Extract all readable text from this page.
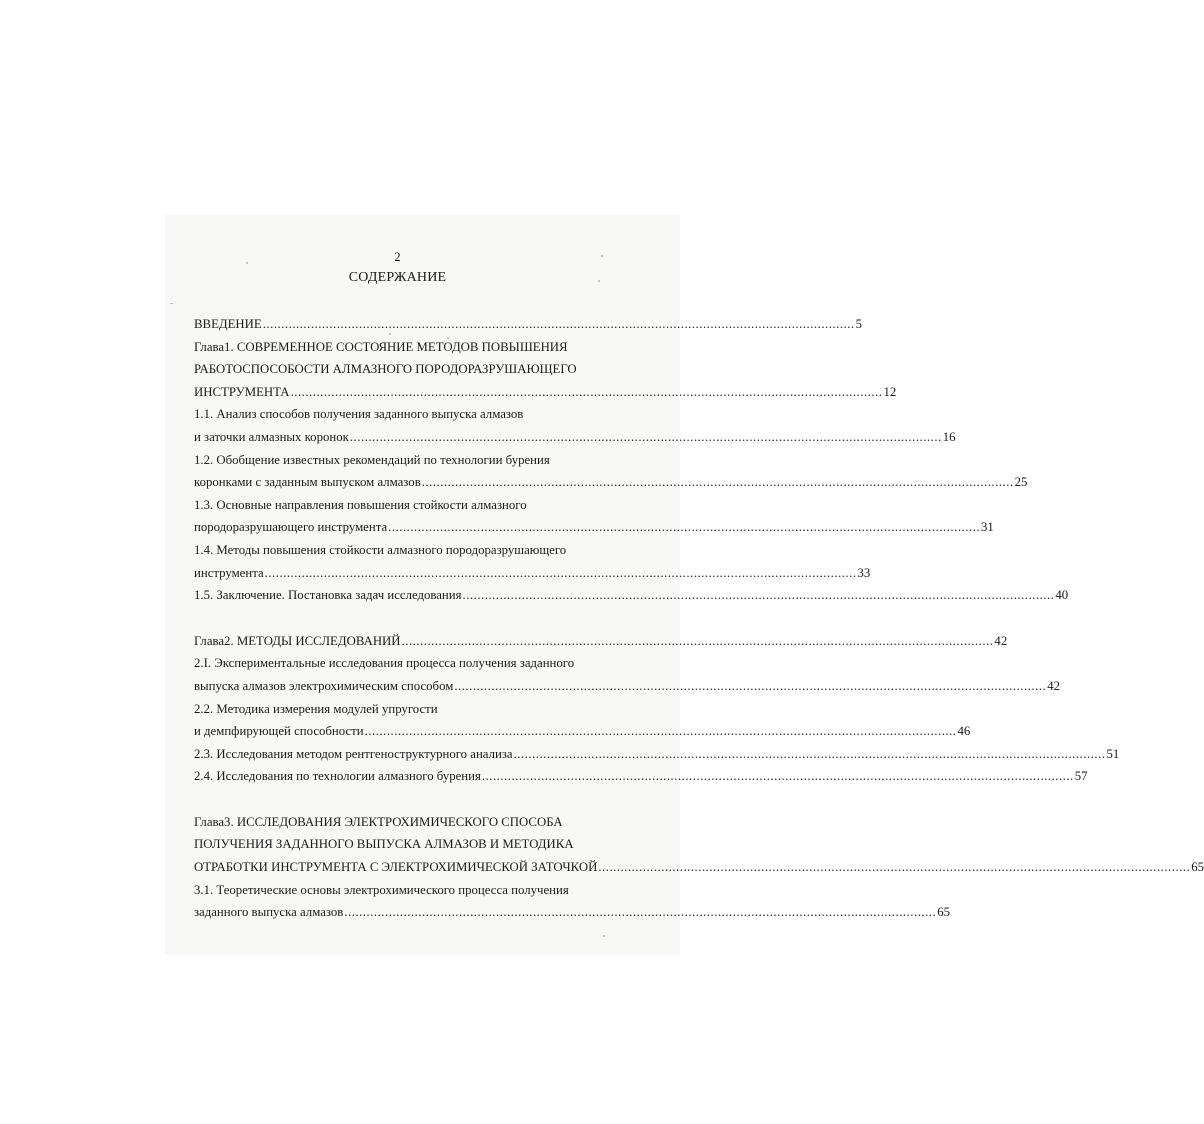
2
СОДЕРЖАНИЕ
ВВЕДЕНИЕ ................................................................................................................................................................ 5
Глава1. СОВРЕМЕННОЕ СОСТОЯНИЕ МЕТОДОВ ПОВЫШЕНИЯ
РАБОТОСПОСОБОСТИ АЛМАЗНОГО ПОРОДОРАЗРУШАЮЩЕГО
ИНСТРУМЕНТА ................................................................................................................................................................ 12
1.1. Анализ способов получения заданного выпуска алмазов
и заточки алмазных коронок ................................................................................................................................................................ 16
1.2. Обобщение известных рекомендаций по технологии бурения
коронками с заданным выпуском алмазов ................................................................................................................................................................ 25
1.3. Основные направления повышения стойкости алмазного
породоразрушающего инструмента ................................................................................................................................................................ 31
1.4. Методы повышения стойкости алмазного породоразрушающего
инструмента ................................................................................................................................................................ 33
1.5. Заключение. Постановка задач исследования ................................................................................................................................................................ 40
Глава2. МЕТОДЫ ИССЛЕДОВАНИЙ ................................................................................................................................................................ 42
2.I. Экспериментальные исследования процесса получения заданного
выпуска алмазов электрохимическим способом ................................................................................................................................................................ 42
2.2. Методика измерения модулей упругости
и демпфирующей способности ................................................................................................................................................................ 46
2.3. Исследования методом рентгеноструктурного анализа ................................................................................................................................................................ 51
2.4. Исследования по технологии алмазного бурения ................................................................................................................................................................ 57
Глава3. ИССЛЕДОВАНИЯ ЭЛЕКТРОХИМИЧЕСКОГО СПОСОБА
ПОЛУЧЕНИЯ ЗАДАННОГО ВЫПУСКА АЛМАЗОВ И МЕТОДИКА
ОТРАБОТКИ ИНСТРУМЕНТА С ЭЛЕКТРОХИМИЧЕСКОЙ ЗАТОЧКОЙ ................................................................................................................................................................ 65
3.1. Теоретические основы электрохимического процесса получения
заданного выпуска алмазов ................................................................................................................................................................ 65
